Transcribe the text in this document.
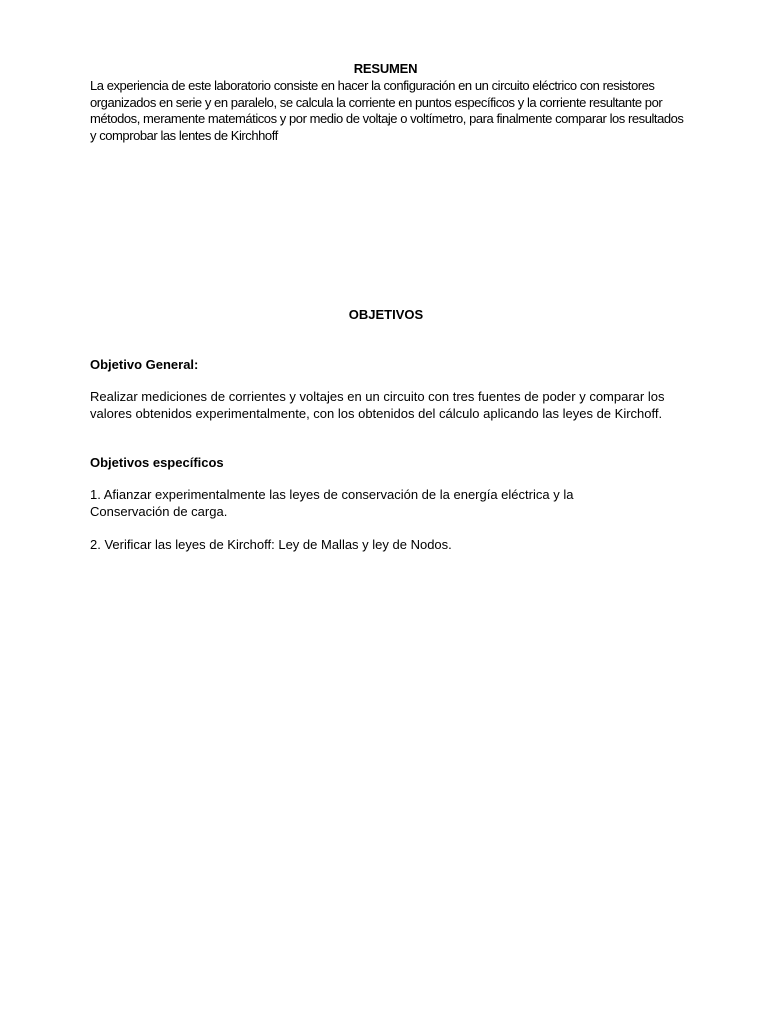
RESUMEN
La experiencia de este laboratorio consiste en hacer la configuración en un circuito eléctrico con resistores organizados en serie y en paralelo, se calcula la corriente en puntos específicos y la corriente resultante por métodos, meramente matemáticos y por medio de voltaje o voltímetro, para finalmente comparar los resultados y comprobar las lentes de Kirchhoff
OBJETIVOS
Objetivo General:
Realizar mediciones de corrientes y voltajes en un circuito con tres fuentes de poder y comparar los valores obtenidos experimentalmente, con los obtenidos del cálculo aplicando las leyes de Kirchoff.
Objetivos específicos
1. Afianzar experimentalmente las leyes de conservación de la energía eléctrica y la Conservación de carga.
2. Verificar las leyes de Kirchoff: Ley de Mallas y ley de Nodos.
